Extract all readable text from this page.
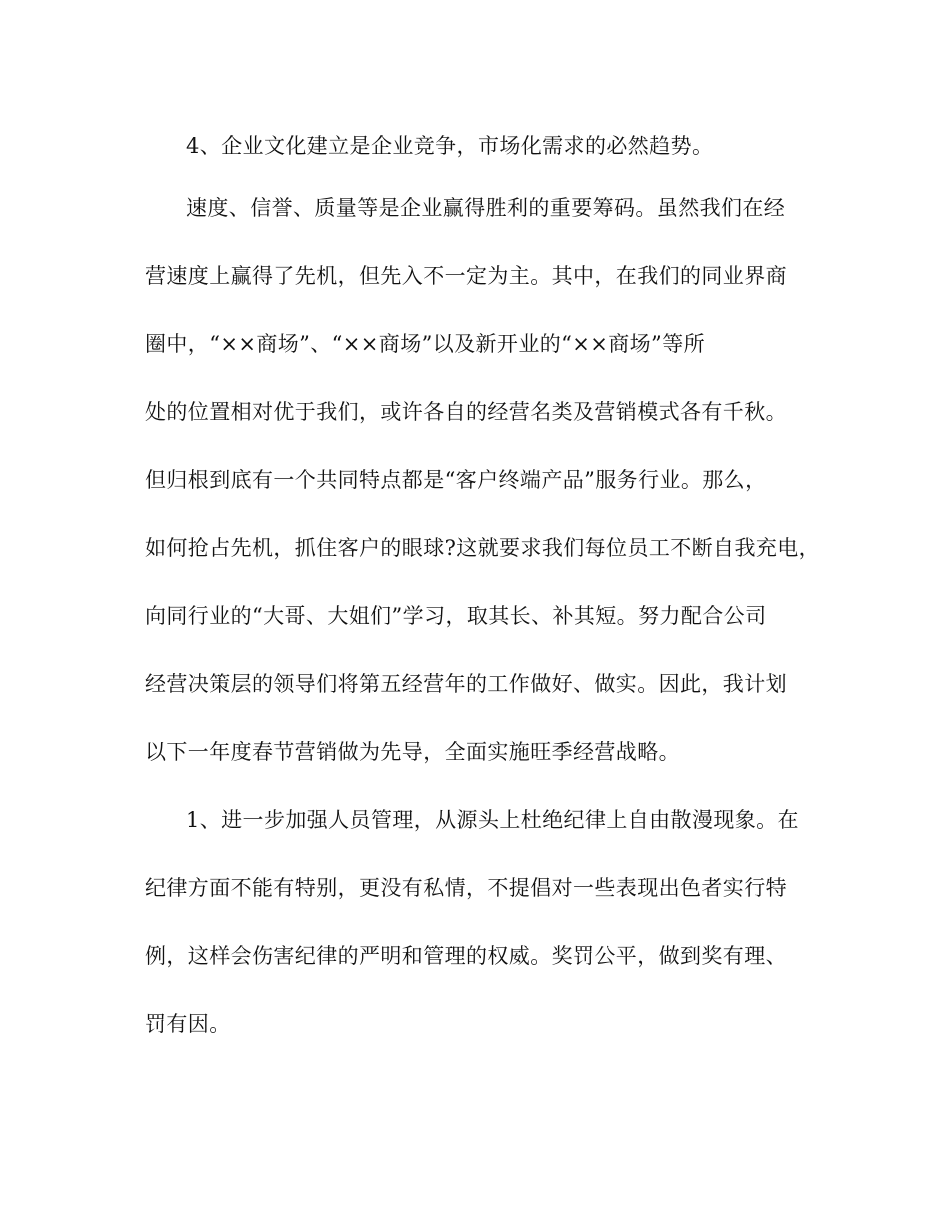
4、企业文化建立是企业竞争，市场化需求的必然趋势。
速度、信誉、质量等是企业赢得胜利的重要筹码。虽然我们在经
营速度上赢得了先机，但先入不一定为主。其中，在我们的同业界商
圈中，“××商场”、“××商场”以及新开业的“××商场”等所
处的位置相对优于我们，或许各自的经营名类及营销模式各有千秋。
但归根到底有一个共同特点都是“客户终端产品”服务行业。那么，
如何抢占先机，抓住客户的眼球?这就要求我们每位员工不断自我充电，
向同行业的“大哥、大姐们”学习，取其长、补其短。努力配合公司
经营决策层的领导们将第五经营年的工作做好、做实。因此，我计划
以下一年度春节营销做为先导，全面实施旺季经营战略。
1、进一步加强人员管理，从源头上杜绝纪律上自由散漫现象。在
纪律方面不能有特别，更没有私情，不提倡对一些表现出色者实行特
例，这样会伤害纪律的严明和管理的权威。奖罚公平，做到奖有理、
罚有因。
